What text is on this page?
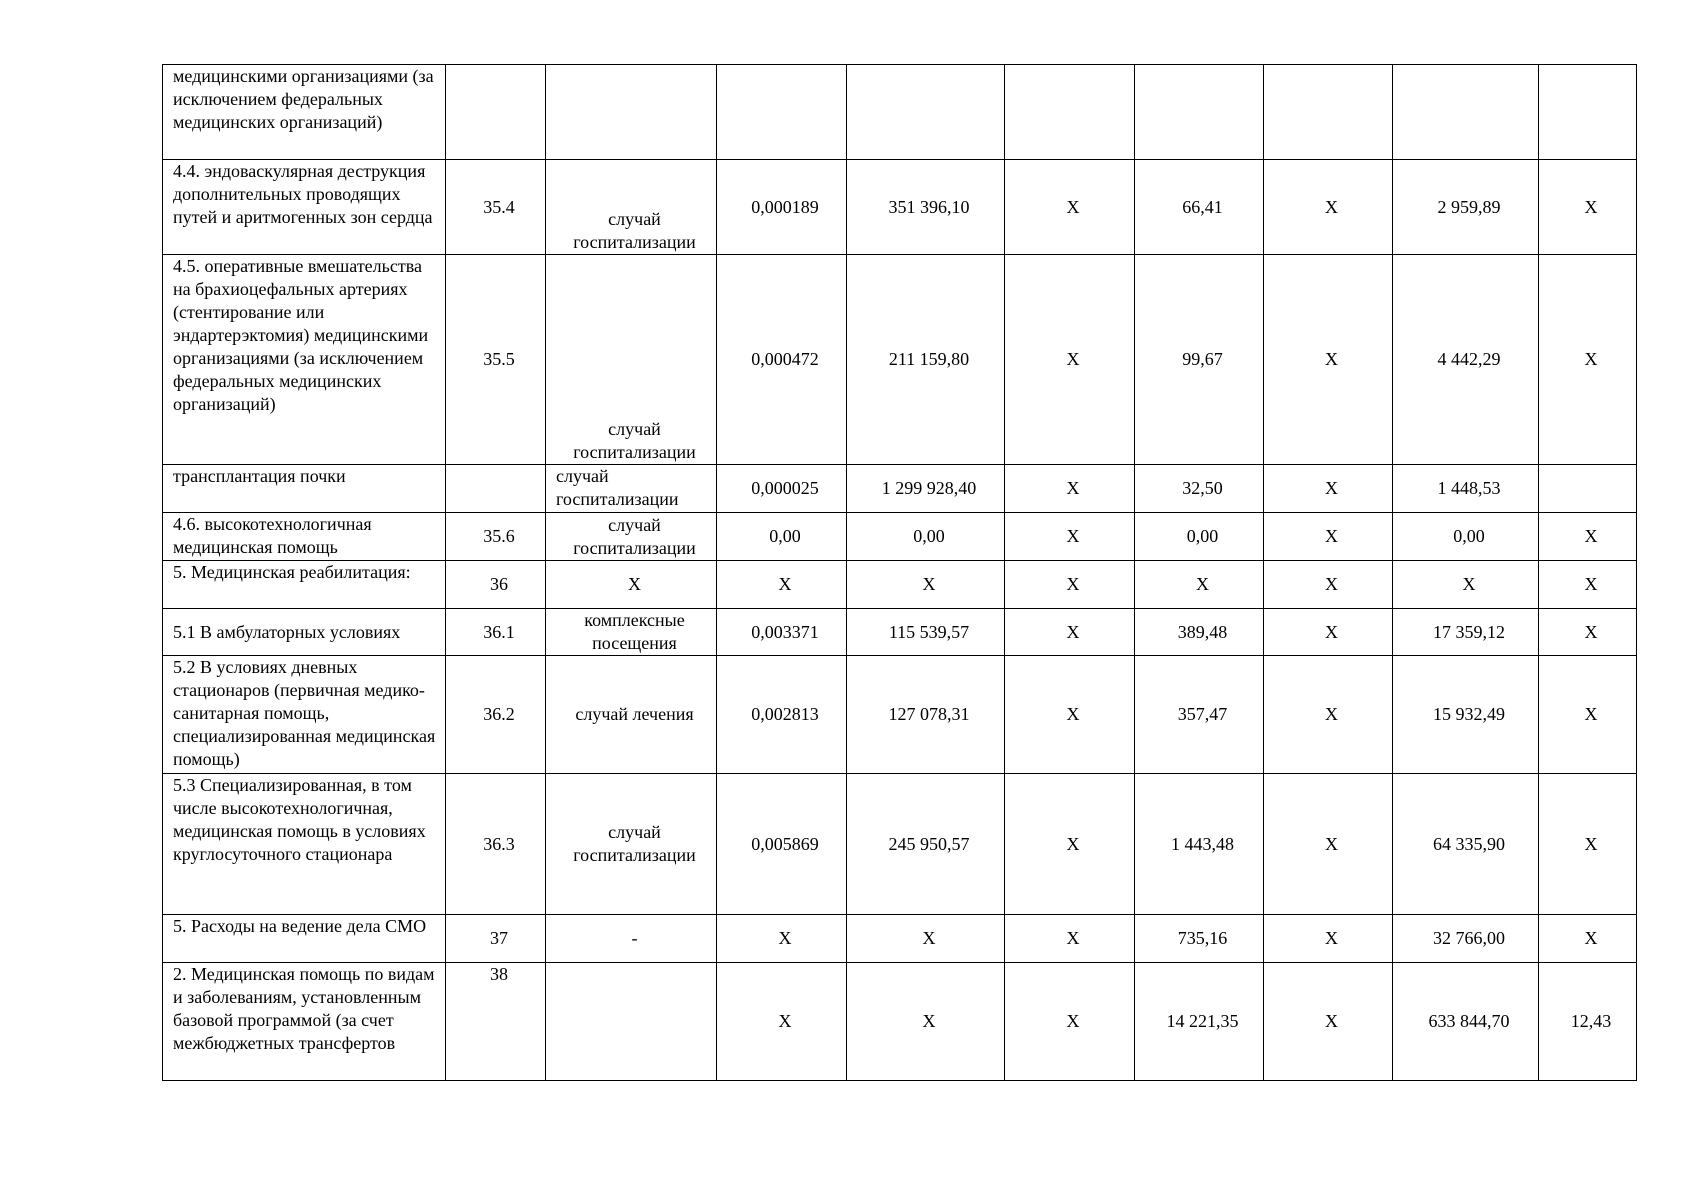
медицинскими организациями (за исключением федеральных медицинских организаций)									
4.4. эндоваскулярная деструкция дополнительных проводящих путей и аритмогенных зон сердца	35.4	случай госпитализации	0,000189	351 396,10	Х	66,41	Х	2 959,89	Х
4.5. оперативные вмешательства на брахиоцефальных артериях (стентирование или эндартерэктомия) медицинскими организациями (за исключением федеральных медицинских организаций)	35.5	случай госпитализации	0,000472	211 159,80	Х	99,67	Х	4 442,29	Х
трансплантация почки		случай госпитализации	0,000025	1 299 928,40	Х	32,50	Х	1 448,53	
4.6. высокотехнологичная медицинская помощь	35.6	случай госпитализации	0,00	0,00	Х	0,00	Х	0,00	Х
5. Медицинская реабилитация:	36	Х	Х	Х	Х	Х	Х	Х	Х
5.1 В амбулаторных условиях	36.1	комплексные посещения	0,003371	115 539,57	Х	389,48	Х	17 359,12	Х
5.2 В условиях дневных стационаров (первичная медико-санитарная помощь, специализированная медицинская помощь)	36.2	случай лечения	0,002813	127 078,31	Х	357,47	Х	15 932,49	Х
5.3 Специализированная, в том числе высокотехнологичная, медицинская помощь в условиях круглосуточного стационара	36.3	случай госпитализации	0,005869	245 950,57	Х	1 443,48	Х	64 335,90	Х
5. Расходы на ведение дела СМО	37	-	Х	Х	Х	735,16	Х	32 766,00	Х
2. Медицинская помощь по видам и заболеваниям, установленным базовой программой (за счет межбюджетных трансфертов	38		Х	Х	Х	14 221,35	Х	633 844,70	12,43
